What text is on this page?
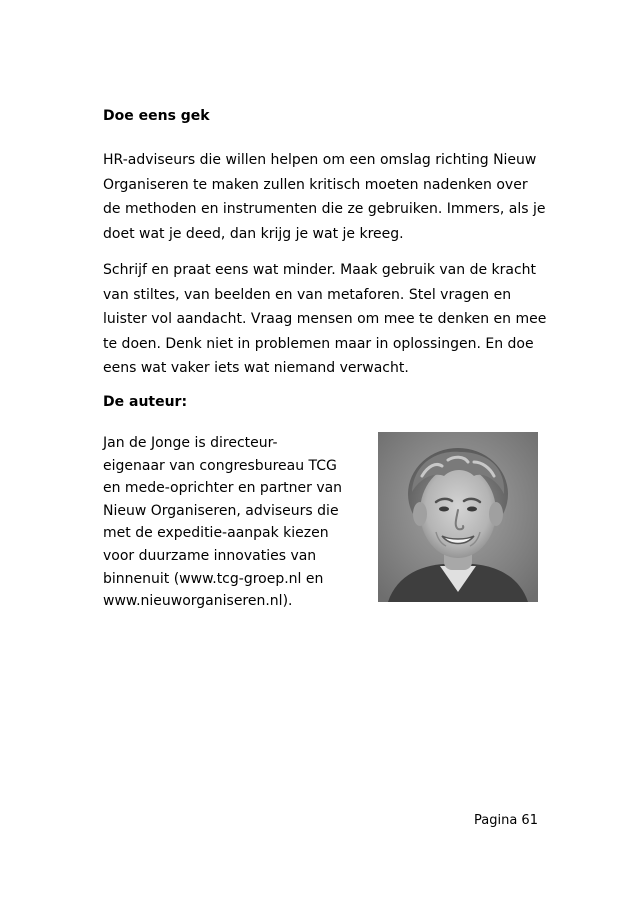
Doe eens gek
HR-adviseurs die willen helpen om een omslag richting Nieuw
Organiseren te maken zullen kritisch moeten nadenken over
de methoden en instrumenten die ze gebruiken. Immers, als je
doet wat je deed, dan krijg je wat je kreeg.
Schrijf en praat eens wat minder. Maak gebruik van de kracht
van stiltes, van beelden en van metaforen. Stel vragen en
luister vol aandacht. Vraag mensen om mee te denken en mee
te doen. Denk niet in problemen maar in oplossingen. En doe
eens wat vaker iets wat niemand verwacht.
De auteur:
Jan de Jonge is directeur-
eigenaar van congresbureau TCG
en mede-oprichter en partner van
Nieuw Organiseren, adviseurs die
met de expeditie-aanpak kiezen
voor duurzame innovaties van
binnenuit (www.tcg-groep.nl en
www.nieuworganiseren.nl).
Pagina 61
